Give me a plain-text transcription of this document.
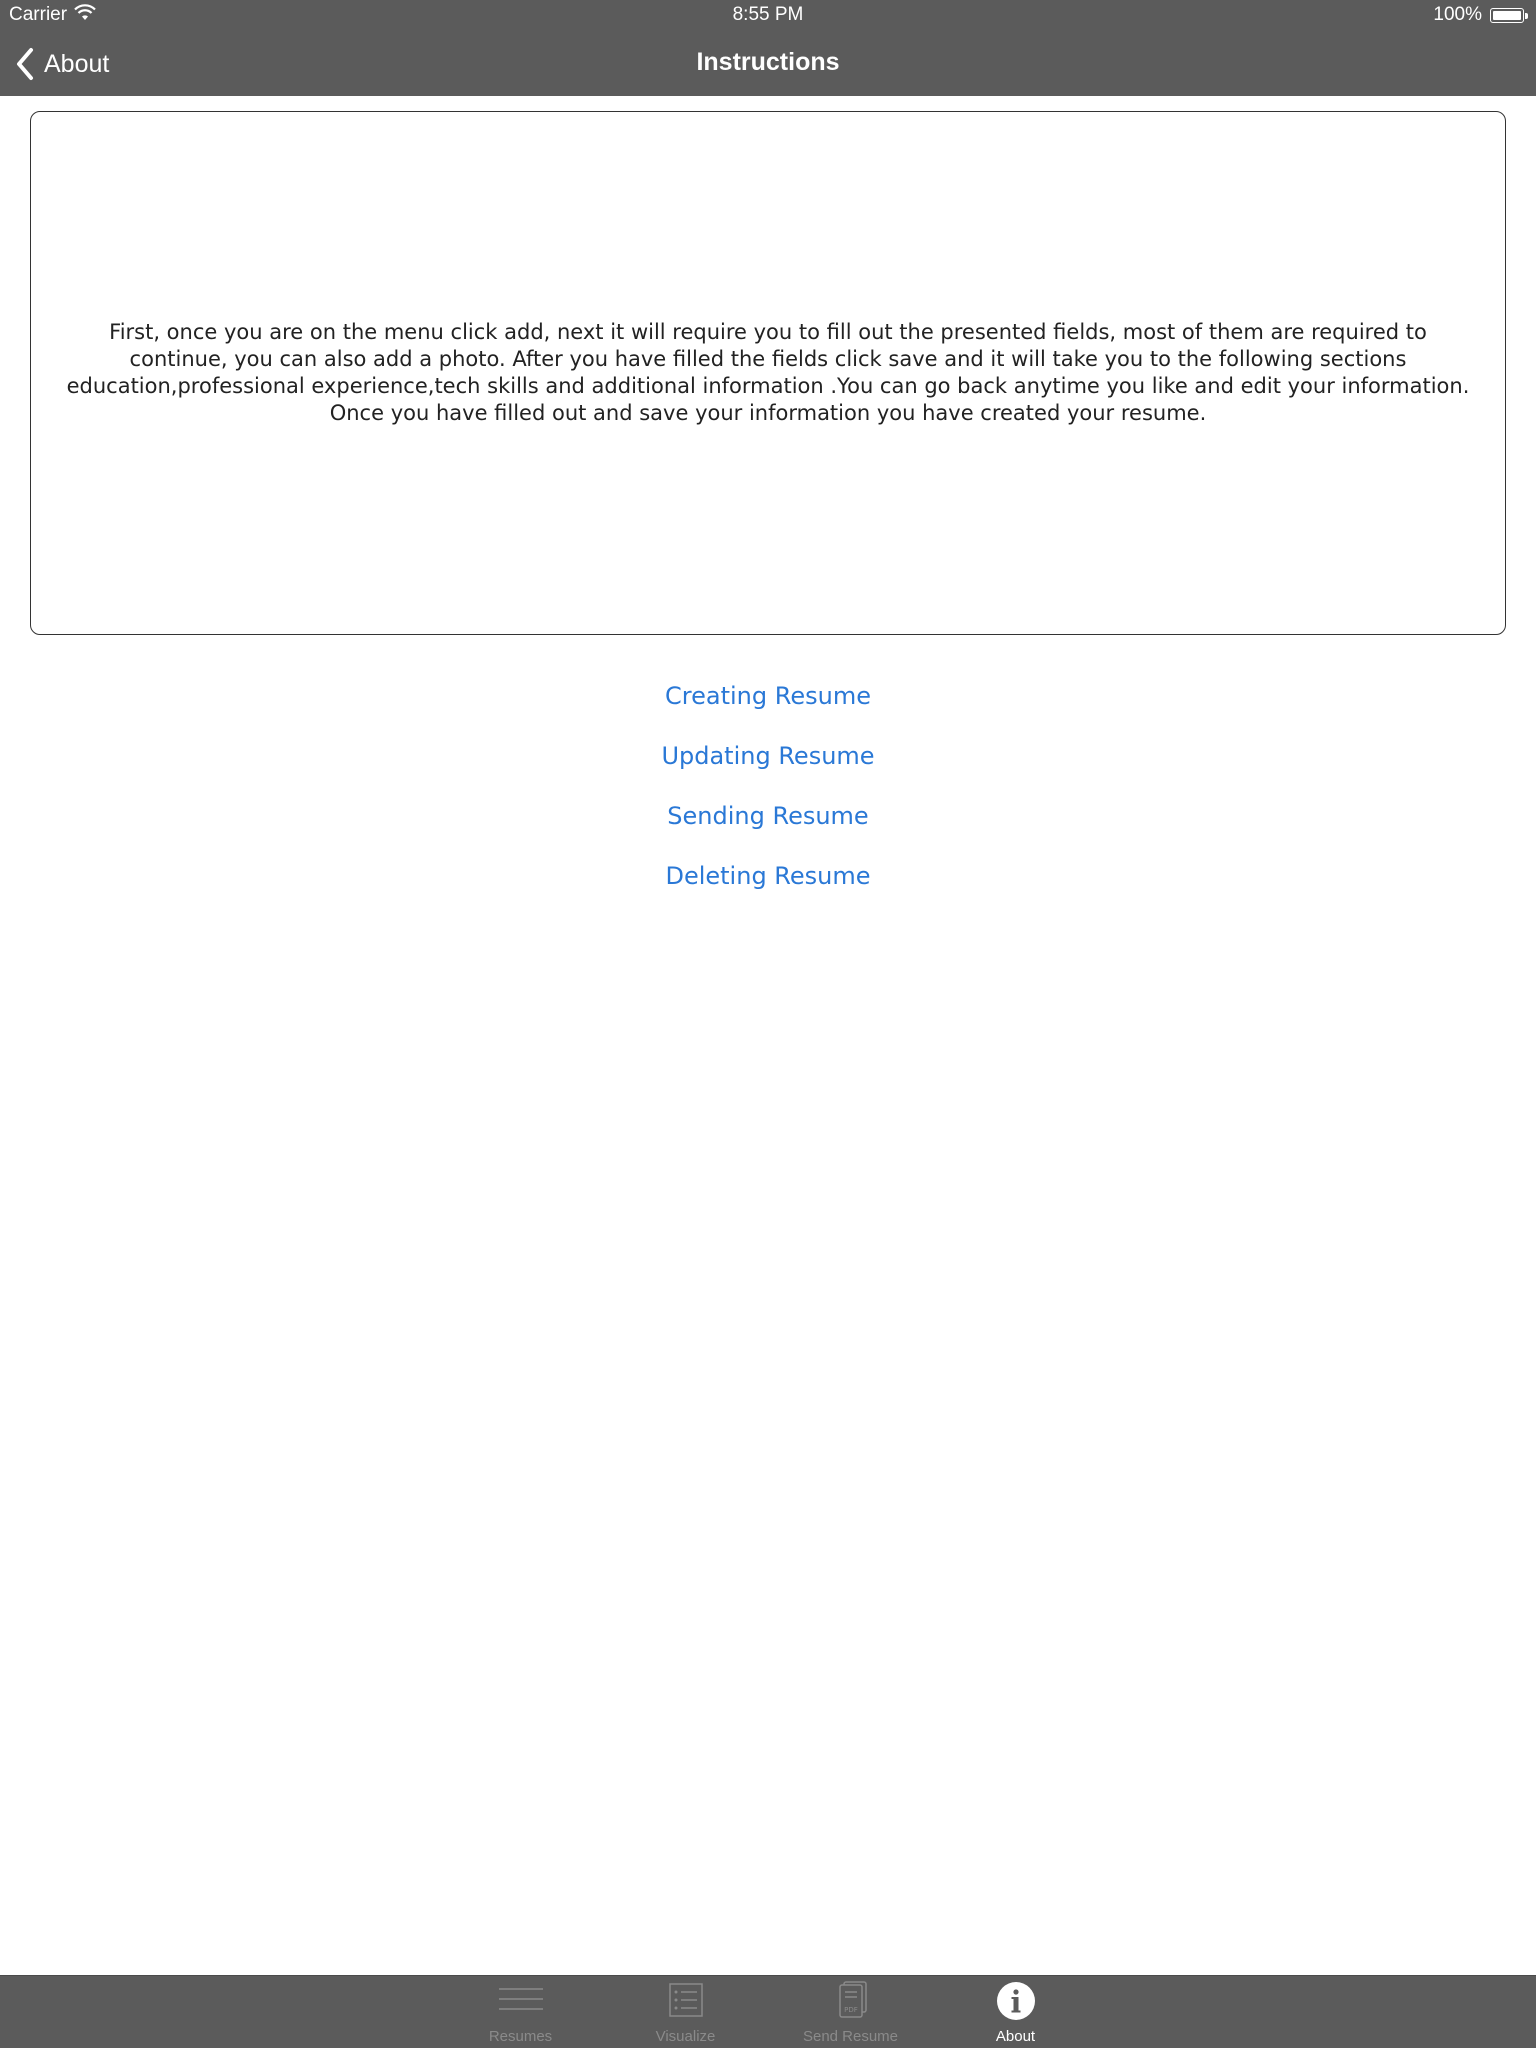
Carrier	8:55 PM	100%
About	Instructions

First, once you are on the menu click add, next it will require you to fill out the presented fields, most of them are required to continue, you can also add a photo. After you have filled the fields click save and it will take you to the following sections education,professional experience,tech skills and additional information .You can go back anytime you like and edit your information. Once you have filled out and save your information you have created your resume.

Creating Resume
Updating Resume
Sending Resume
Deleting Resume
Resumes	Visualize
PDF
Send Resume	About
